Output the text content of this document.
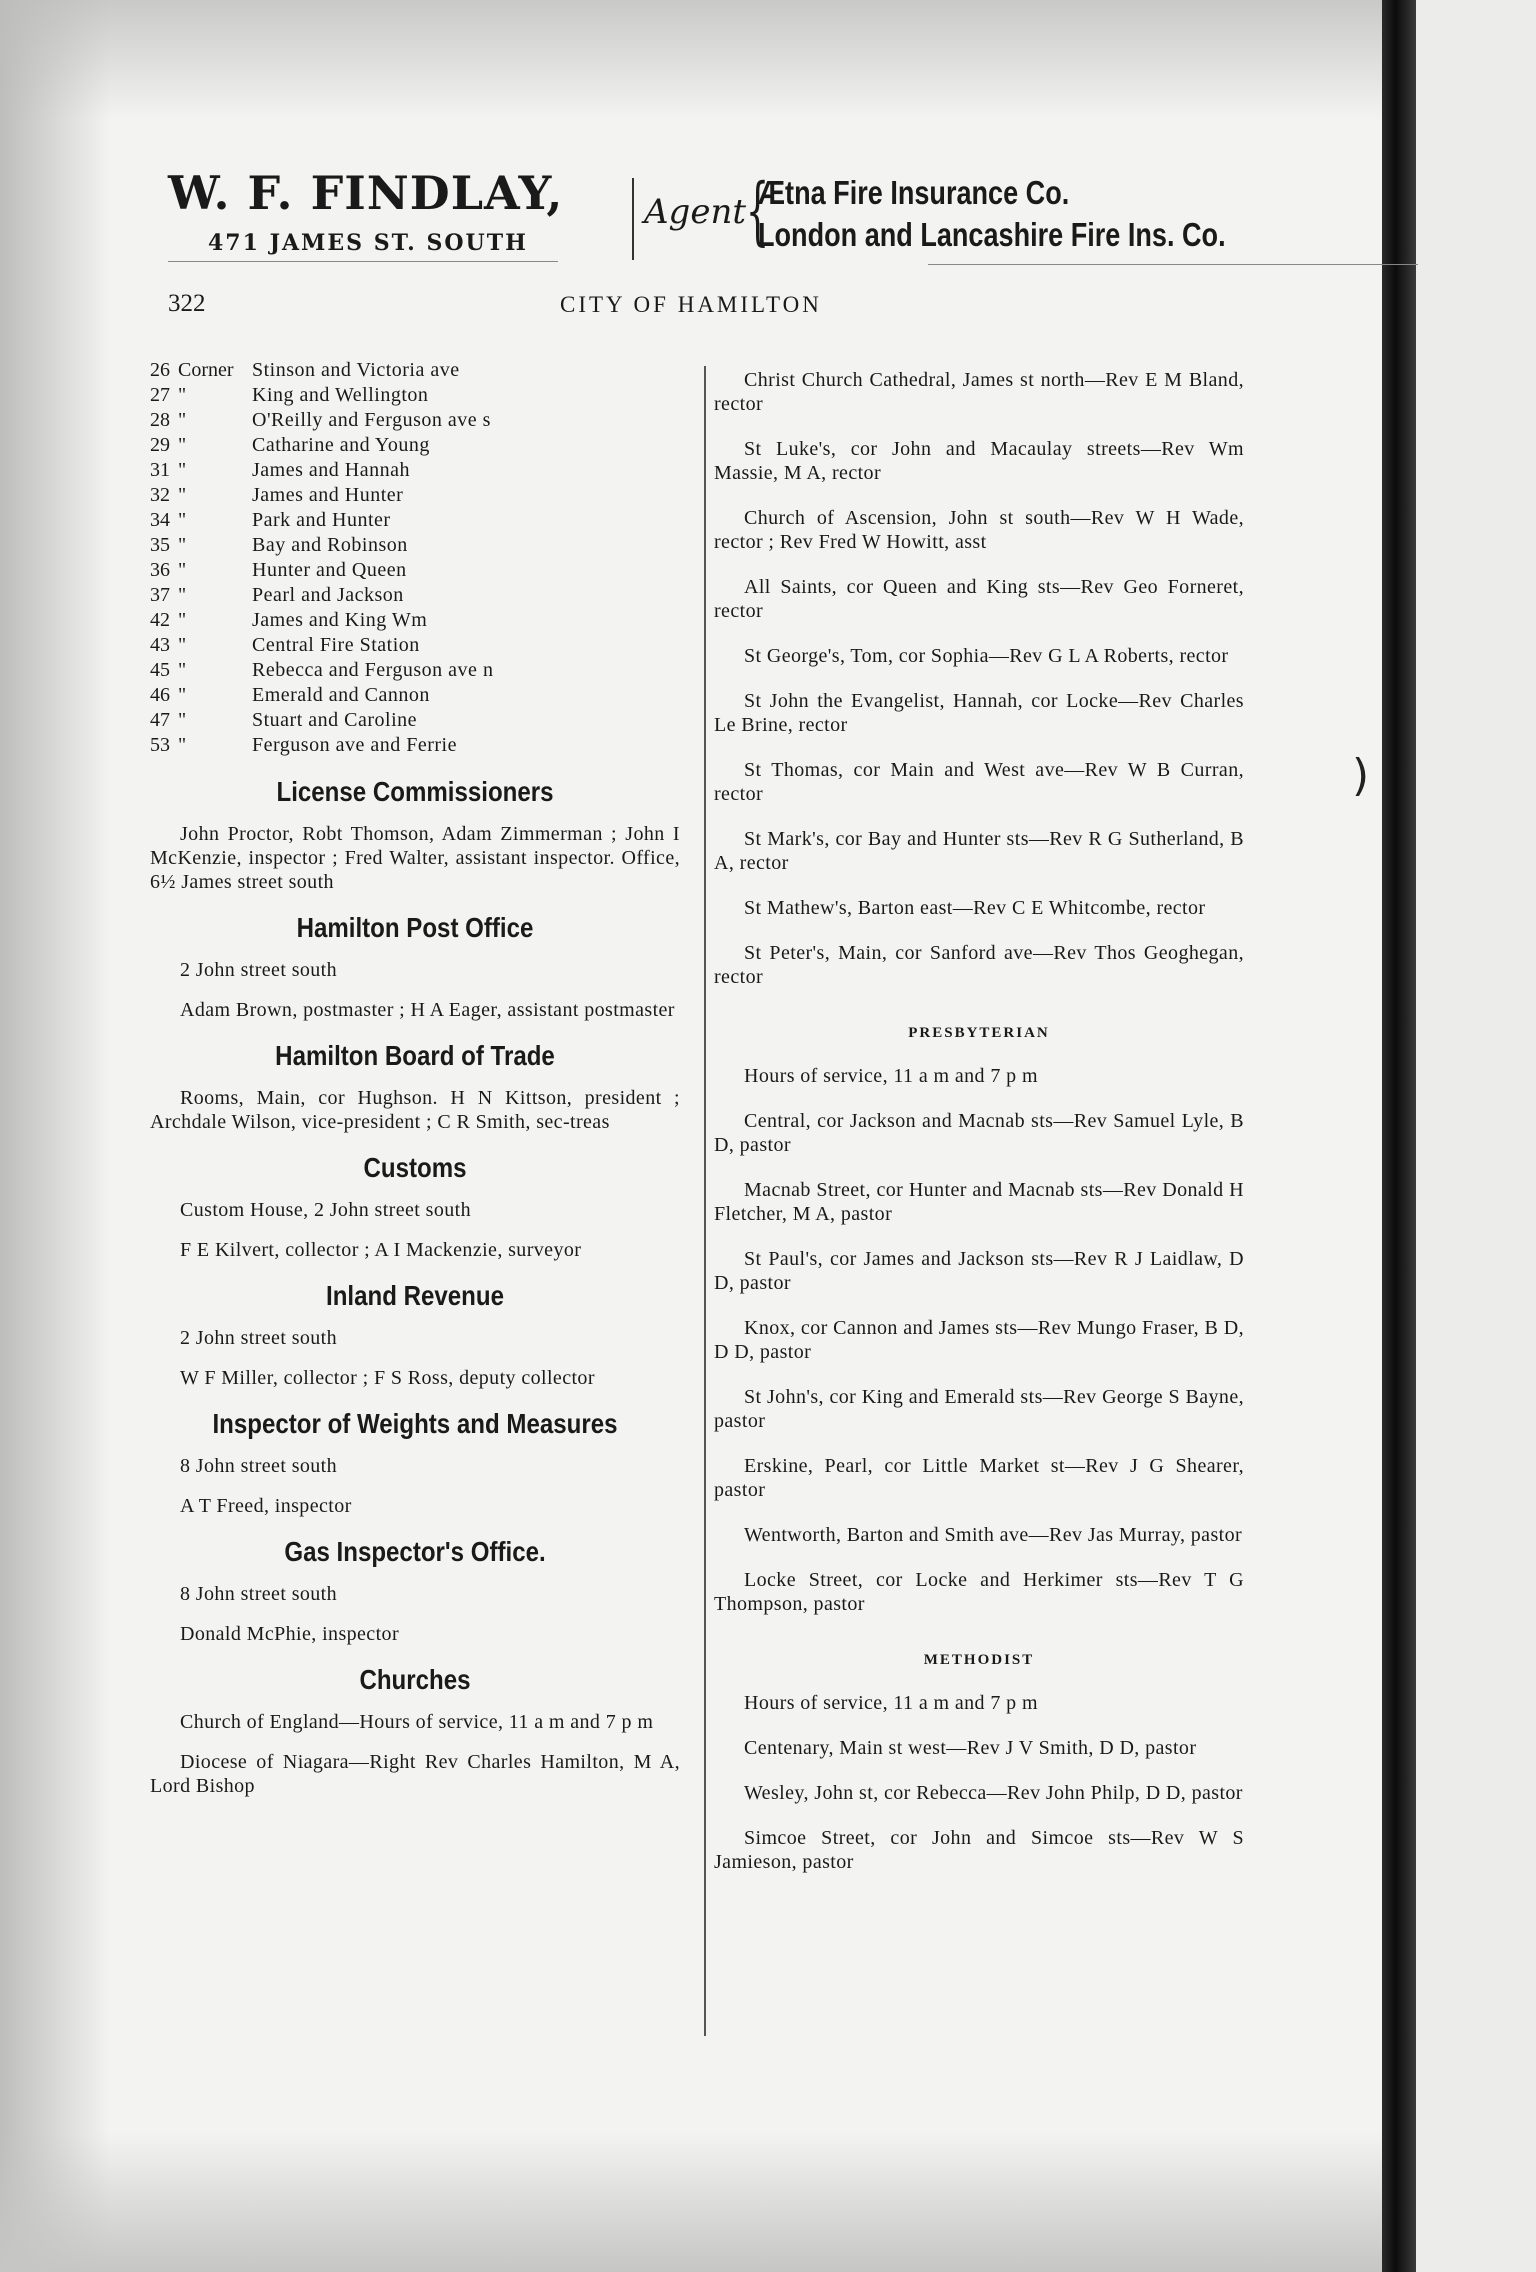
)
W. F. FINDLAY,
471 JAMES ST. SOUTH
Agent {
Ætna Fire Insurance Co.
London and Lancashire Fire Ins. Co.
322	CITY OF HAMILTON
26 Corner Stinson and Victoria ave
27 "	King and Wellington
28 "	O'Reilly and Ferguson ave s
29 "	Catharine and Young
31 "	James and Hannah
32 "	James and Hunter
34 "	Park and Hunter
35 "	Bay and Robinson
36 "	Hunter and Queen
37 "	Pearl and Jackson
42 "	James and King Wm
43 "	Central Fire Station
45 "	Rebecca and Ferguson ave n
46 "	Emerald and Cannon
47 "	Stuart and Caroline
53 "	Ferguson ave and Ferrie
License Commissioners

John Proctor, Robt Thomson, Adam Zimmerman ; John I McKenzie, inspector ; Fred Walter, assistant inspector. Office, 6½ James street south

Hamilton Post Office

2 John street south

Adam Brown, postmaster ; H A Eager, assistant postmaster

Hamilton Board of Trade

Rooms, Main, cor Hughson. H N Kittson, president ; Archdale Wilson, vice-president ; C R Smith, sec-treas

Customs

Custom House, 2 John street south

F E Kilvert, collector ; A I Mackenzie, surveyor

Inland Revenue

2 John street south

W F Miller, collector ; F S Ross, deputy collector

Inspector of Weights and Measures

8 John street south

A T Freed, inspector

Gas Inspector's Office.

8 John street south

Donald McPhie, inspector

Churches

Church of England—Hours of service, 11 a m and 7 p m

Diocese of Niagara—Right Rev Charles Hamilton, M A, Lord Bishop

Christ Church Cathedral, James st north—Rev E M Bland, rector

St Luke's, cor John and Macaulay streets—Rev Wm Massie, M A, rector

Church of Ascension, John st south—Rev W H Wade, rector ; Rev Fred W Howitt, asst

All Saints, cor Queen and King sts—Rev Geo Forneret, rector

St George's, Tom, cor Sophia—Rev G L A Roberts, rector

St John the Evangelist, Hannah, cor Locke—Rev Charles Le Brine, rector

St Thomas, cor Main and West ave—Rev W B Curran, rector

St Mark's, cor Bay and Hunter sts—Rev R G Sutherland, B A, rector

St Mathew's, Barton east—Rev C E Whitcombe, rector

St Peter's, Main, cor Sanford ave—Rev Thos Geoghegan, rector

PRESBYTERIAN

Hours of service, 11 a m and 7 p m

Central, cor Jackson and Macnab sts—Rev Samuel Lyle, B D, pastor

Macnab Street, cor Hunter and Macnab sts—Rev Donald H Fletcher, M A, pastor

St Paul's, cor James and Jackson sts—Rev R J Laidlaw, D D, pastor

Knox, cor Cannon and James sts—Rev Mungo Fraser, B D, D D, pastor

St John's, cor King and Emerald sts—Rev George S Bayne, pastor

Erskine, Pearl, cor Little Market st—Rev J G Shearer, pastor

Wentworth, Barton and Smith ave—Rev Jas Murray, pastor

Locke Street, cor Locke and Herkimer sts—Rev T G Thompson, pastor

METHODIST

Hours of service, 11 a m and 7 p m

Centenary, Main st west—Rev J V Smith, D D, pastor

Wesley, John st, cor Rebecca—Rev John Philp, D D, pastor

Simcoe Street, cor John and Simcoe sts—Rev W S Jamieson, pastor
